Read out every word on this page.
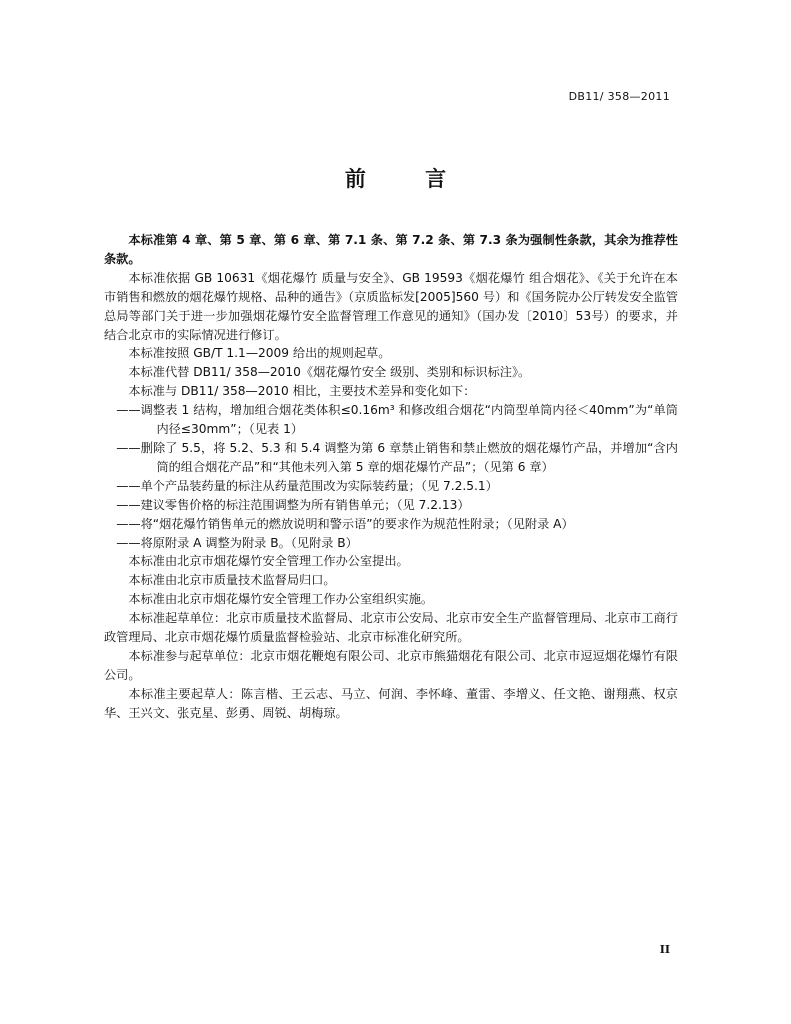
DB11/ 358—2011
前 言

本标准第 4 章、第 5 章、第 6 章、第 7.1 条、第 7.2 条、第 7.3 条为强制性条款，其余为推荐性条款。

本标准依据 GB 10631《烟花爆竹 质量与安全》、GB 19593《烟花爆竹 组合烟花》、《关于允许在本市销售和燃放的烟花爆竹规格、品种的通告》（京质监标发[2005]560 号）和《国务院办公厅转发安全监管总局等部门关于进一步加强烟花爆竹安全监督管理工作意见的通知》（国办发〔2010〕53号）的要求，并结合北京市的实际情况进行修订。

本标准按照 GB/T 1.1—2009 给出的规则起草。

本标准代替 DB11/ 358—2010《烟花爆竹安全 级别、类别和标识标注》。

本标准与 DB11/ 358—2010 相比，主要技术差异和变化如下：

——调整表 1 结构，增加组合烟花类体积≤0.16m³ 和修改组合烟花“内筒型单筒内径＜40mm”为“单筒内径≤30mm”；（见表 1）

——删除了 5.5，将 5.2、5.3 和 5.4 调整为第 6 章禁止销售和禁止燃放的烟花爆竹产品，并增加“含内筒的组合烟花产品”和“其他未列入第 5 章的烟花爆竹产品”；（见第 6 章）

——单个产品装药量的标注从药量范围改为实际装药量；（见 7.2.5.1）

——建议零售价格的标注范围调整为所有销售单元；（见 7.2.13）

——将“烟花爆竹销售单元的燃放说明和警示语”的要求作为规范性附录；（见附录 A）

——将原附录 A 调整为附录 B。（见附录 B）

本标准由北京市烟花爆竹安全管理工作办公室提出。

本标准由北京市质量技术监督局归口。

本标准由北京市烟花爆竹安全管理工作办公室组织实施。

本标准起草单位：北京市质量技术监督局、北京市公安局、北京市安全生产监督管理局、北京市工商行政管理局、北京市烟花爆竹质量监督检验站、北京市标准化研究所。

本标准参与起草单位：北京市烟花鞭炮有限公司、北京市熊猫烟花有限公司、北京市逗逗烟花爆竹有限公司。

本标准主要起草人：陈言楷、王云志、马立、何润、李怀峰、董雷、李增义、任文艳、谢翔燕、权京华、王兴文、张克星、彭勇、周锐、胡梅琼。

II
